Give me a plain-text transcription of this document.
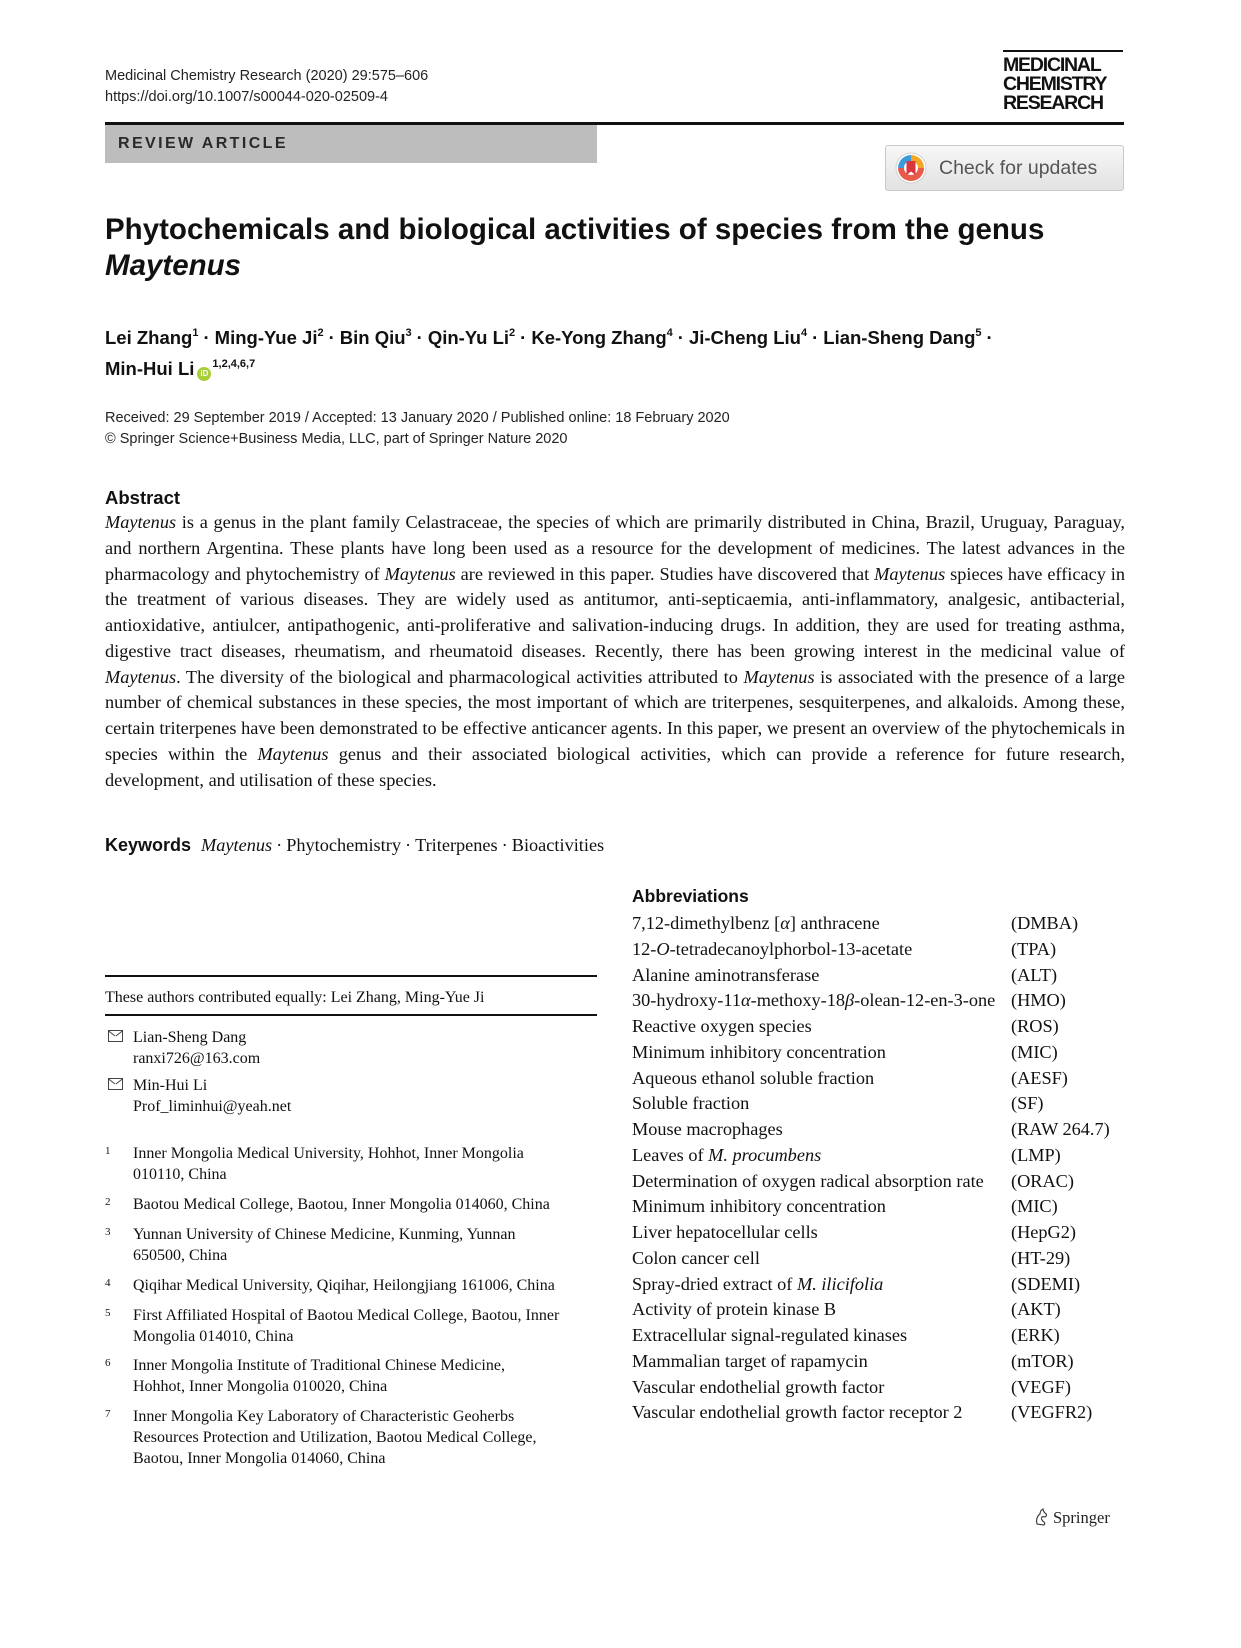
Medicinal Chemistry Research (2020) 29:575–606
https://doi.org/10.1007/s00044-020-02509-4
MEDICINAL
CHEMISTRY
RESEARCH
REVIEW ARTICLE
Check for updates
Phytochemicals and biological activities of species from the genus
Maytenus
Lei Zhang$^1$ · Ming-Yue $Ji^2$ · Bin Qiu$^3$ · Qin-Yu $Li^2$ · Ke-Yong Zhang$^4$ · Ji-Cheng Liu$^4$ · Lian-Sheng Dang$^5$ ·
Min-Hui Li iD$^{1,2,4,6,7}$
Received: 29 September 2019 / Accepted: 13 January 2020 / Published online: 18 February 2020
© Springer Science+Business Media, LLC, part of Springer Nature 2020
Abstract
Maytenus is a genus in the plant family Celastraceae, the species of which are primarily distributed in China, Brazil, Uruguay, Paraguay, and northern Argentina. These plants have long been used as a resource for the development of medicines. The latest advances in the pharmacology and phytochemistry of Maytenus are reviewed in this paper. Studies have discovered that Maytenus spieces have efficacy in the treatment of various diseases. They are widely used as antitumor, anti-septicaemia, anti-inflammatory, analgesic, antibacterial, antioxidative, antiulcer, antipathogenic, anti-proliferative and salivation-inducing drugs. In addition, they are used for treating asthma, digestive tract diseases, rheumatism, and rheumatoid diseases. Recently, there has been growing interest in the medicinal value of Maytenus. The diversity of the biological and pharmacological activities attributed to Maytenus is associated with the presence of a large number of chemical substances in these species, the most important of which are triterpenes, sesquiterpenes, and alkaloids. Among these, certain triterpenes have been demonstrated to be effective anticancer agents. In this paper, we present an overview of the phytochemicals in species within the Maytenus genus and their associated biological activities, which can provide a reference for future research, development, and utilisation of these species.
Keywords Maytenus · Phytochemistry · Triterpenes · Bioactivities
Abbreviations
7,12-dimethylbenz [α] anthracene	(DMBA)
12-O-tetradecanoylphorbol-13-acetate	(TPA)
Alanine aminotransferase	(ALT)
30-hydroxy-11α-methoxy-18β-olean-12-en-3-one	(HMO)
Reactive oxygen species	(ROS)
Minimum inhibitory concentration	(MIC)
Aqueous ethanol soluble fraction	(AESF)
Soluble fraction	(SF)
Mouse macrophages	(RAW 264.7)
Leaves of M. procumbens	(LMP)
Determination of oxygen radical absorption rate	(ORAC)
Minimum inhibitory concentration	(MIC)
Liver hepatocellular cells	(HepG2)
Colon cancer cell	(HT-29)
Spray-dried extract of M. ilicifolia	(SDEMI)
Activity of protein kinase B	(AKT)
Extracellular signal-regulated kinases	(ERK)
Mammalian target of rapamycin	(mTOR)
Vascular endothelial growth factor	(VEGF)
Vascular endothelial growth factor receptor 2	(VEGFR2)
These authors contributed equally: Lei Zhang, Ming-Yue Ji
Lian-Sheng Dang
ranxi726@163.com
Min-Hui Li
Prof_liminhui@yeah.net
1 Inner Mongolia Medical University, Hohhot, Inner Mongolia
010110, China
2 Baotou Medical College, Baotou, Inner Mongolia 014060, China
3 Yunnan University of Chinese Medicine, Kunming, Yunnan
650500, China
4 Qiqihar Medical University, Qiqihar, Heilongjiang 161006, China
5 First Affiliated Hospital of Baotou Medical College, Baotou, Inner
Mongolia 014010, China
6 Inner Mongolia Institute of Traditional Chinese Medicine,
Hohhot, Inner Mongolia 010020, China
7 Inner Mongolia Key Laboratory of Characteristic Geoherbs
Resources Protection and Utilization, Baotou Medical College,
Baotou, Inner Mongolia 014060, China
Springer
